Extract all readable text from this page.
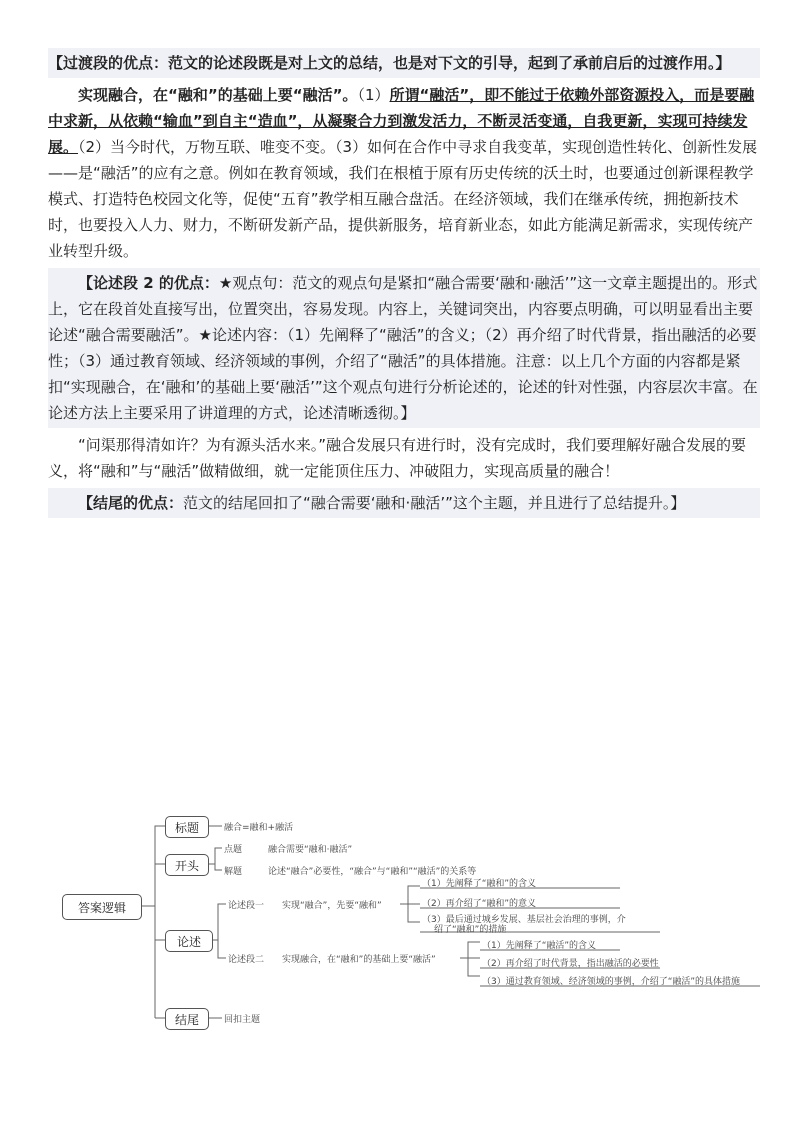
【过渡段的优点：范文的论述段既是对上文的总结，也是对下文的引导，起到了承前启后的过渡作用。】

实现融合，在“融和”的基础上要“融活”。（1）所谓“融活”，即不能过于依赖外部资源投入，而是要融中求新，从依赖“输血”到自主“造血”，从凝聚合力到激发活力，不断灵活变通，自我更新，实现可持续发展。（2）当今时代，万物互联、唯变不变。（3）如何在合作中寻求自我变革，实现创造性转化、创新性发展——是“融活”的应有之意。例如在教育领域，我们在根植于原有历史传统的沃土时，也要通过创新课程教学模式、打造特色校园文化等，促使“五育”教学相互融合盘活。在经济领域，我们在继承传统，拥抱新技术时，也要投入人力、财力，不断研发新产品，提供新服务，培育新业态，如此方能满足新需求，实现传统产业转型升级。

【论述段 2 的优点：★观点句：范文的观点句是紧扣“融合需要‘融和·融活’”这一文章主题提出的。形式上，它在段首处直接写出，位置突出，容易发现。内容上，关键词突出，内容要点明确，可以明显看出主要论述“融合需要融活”。★论述内容：（1）先阐释了“融活”的含义；（2）再介绍了时代背景，指出融活的必要性；（3）通过教育领域、经济领域的事例，介绍了“融活”的具体措施。注意：以上几个方面的内容都是紧扣“实现融合，在‘融和’的基础上要‘融活’”这个观点句进行分析论述的，论述的针对性强，内容层次丰富。在论述方法上主要采用了讲道理的方式，论述清晰透彻。】

“问渠那得清如许？为有源头活水来。”融合发展只有进行时，没有完成时，我们要理解好融合发展的要义，将“融和”与“融活”做精做细，就一定能顶住压力、冲破阻力，实现高质量的融合！

【结尾的优点：范文的结尾回扣了“融合需要‘融和·融活’”这个主题，并且进行了总结提升。】

答案逻辑
标题
开头
论述
结尾
融合=融和+融活
点题	融合需要“融和·融活”
解题	论述“融合”必要性，“融合”与“融和”“融活”的关系等
论述段一 实现“融合”，先要“融和”
（1）先阐释了“融和”的含义
（2）再介绍了“融和”的意义
（3）最后通过城乡发展、基层社会治理的事例，介
绍了“融和”的措施
论述段二 实现融合，在“融和”的基础上要“融活”
（1）先阐释了“融活”的含义
（2）再介绍了时代背景，指出融活的必要性
（3）通过教育领域、经济领域的事例，介绍了“融活”的具体措施
回扣主题
